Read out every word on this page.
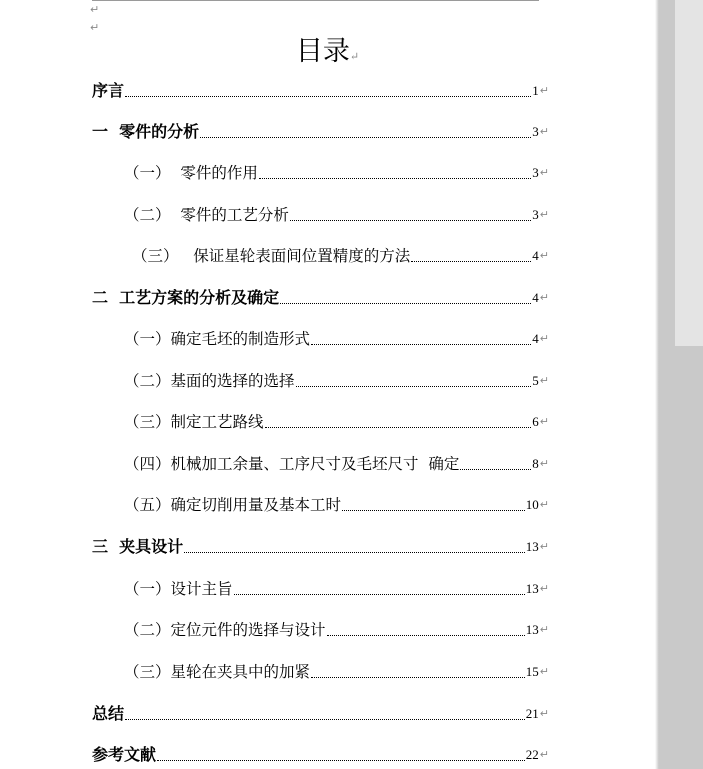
↵
↵
目录↵
序言	1 ↵
一  零件的分析	3 ↵
（一）  零件的作用	3 ↵
（二）  零件的工艺分析	3 ↵
（三）   保证星轮表面间位置精度的方法	4 ↵
二  工艺方案的分析及确定	4 ↵
（一）确定毛坯的制造形式	4 ↵
（二）基面的选择的选择	5 ↵
（三）制定工艺路线	6 ↵
（四）机械加工余量、工序尺寸及毛坯尺寸  确定	8 ↵
（五）确定切削用量及基本工时	10 ↵
三  夹具设计	13 ↵
（一）设计主旨	13 ↵
（二）定位元件的选择与设计	13 ↵
（三）星轮在夹具中的加紧	15 ↵
总结	21 ↵
参考文献	22 ↵
